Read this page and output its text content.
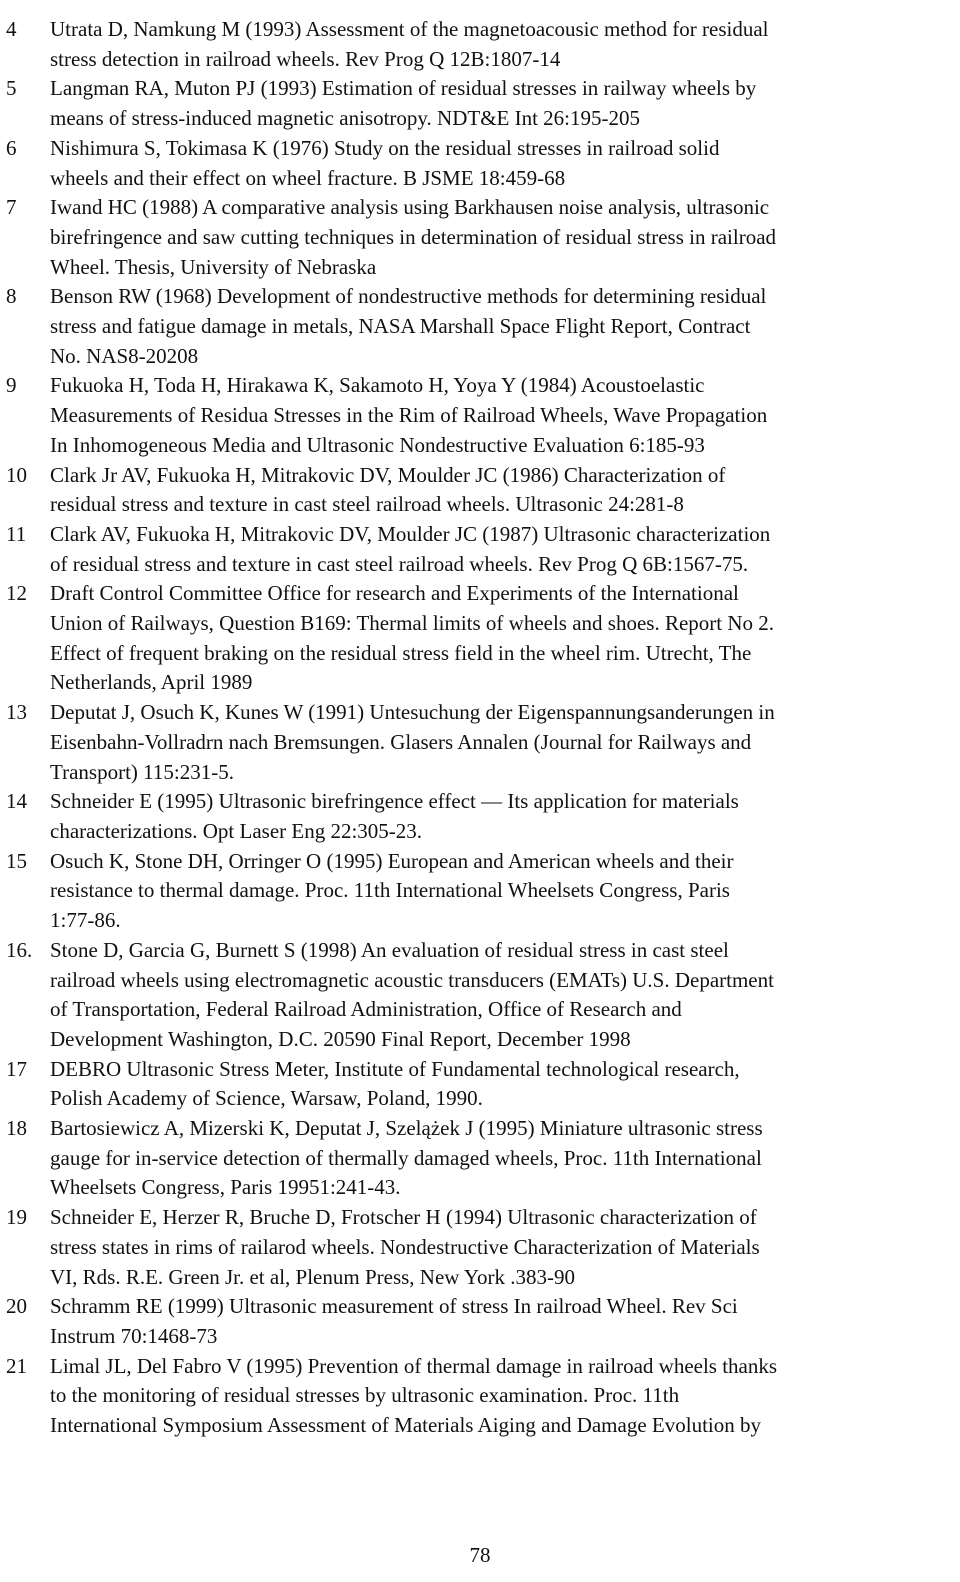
4	Utrata D, Namkung M (1993) Assessment of the magnetoacousic method for residual
stress detection in railroad wheels. Rev Prog Q 12B:1807-14
5	Langman RA, Muton PJ (1993) Estimation of residual stresses in railway wheels by
means of stress-induced magnetic anisotropy. NDT&E Int 26:195-205
6	Nishimura S, Tokimasa K (1976) Study on the residual stresses in railroad solid
wheels and their effect on wheel fracture. B JSME 18:459-68
7	Iwand HC (1988) A comparative analysis using Barkhausen noise analysis, ultrasonic
birefringence and saw cutting techniques in determination of residual stress in railroad
Wheel. Thesis, University of Nebraska
8	Benson RW (1968) Development of nondestructive methods for determining residual
stress and fatigue damage in metals, NASA Marshall Space Flight Report, Contract
No. NAS8-20208
9	Fukuoka H, Toda H, Hirakawa K, Sakamoto H, Yoya Y (1984) Acoustoelastic
Measurements of Residua Stresses in the Rim of Railroad Wheels, Wave Propagation
In Inhomogeneous Media and Ultrasonic Nondestructive Evaluation 6:185-93
10	Clark Jr AV, Fukuoka H, Mitrakovic DV, Moulder JC (1986) Characterization of
residual stress and texture in cast steel railroad wheels. Ultrasonic 24:281-8
11	Clark AV, Fukuoka H, Mitrakovic DV, Moulder JC (1987) Ultrasonic characterization
of residual stress and texture in cast steel railroad wheels. Rev Prog Q 6B:1567-75.
12	Draft Control Committee Office for research and Experiments of the International
Union of Railways, Question B169: Thermal limits of wheels and shoes. Report No 2.
Effect of frequent braking on the residual stress field in the wheel rim. Utrecht, The
Netherlands, April 1989
13	Deputat J, Osuch K, Kunes W (1991) Untesuchung der Eigenspannungsanderungen in
Eisenbahn-Vollradrn nach Bremsungen. Glasers Annalen (Journal for Railways and
Transport) 115:231-5.
14	Schneider E (1995) Ultrasonic birefringence effect — Its application for materials
characterizations. Opt Laser Eng 22:305-23.
15	Osuch K, Stone DH, Orringer O (1995) European and American wheels and their
resistance to thermal damage. Proc. 11th International Wheelsets Congress, Paris
1:77-86.
16. Stone D, Garcia G, Burnett S (1998) An evaluation of residual stress in cast steel
railroad wheels using electromagnetic acoustic transducers (EMATs) U.S. Department
of Transportation, Federal Railroad Administration, Office of Research and
Development Washington, D.C. 20590 Final Report, December 1998
17	DEBRO Ultrasonic Stress Meter, Institute of Fundamental technological research,
Polish Academy of Science, Warsaw, Poland, 1990.
18	Bartosiewicz A, Mizerski K, Deputat J, Szelążek J (1995) Miniature ultrasonic stress
gauge for in-service detection of thermally damaged wheels, Proc. 11th International
Wheelsets Congress, Paris 19951:241-43.
19	Schneider E, Herzer R, Bruche D, Frotscher H (1994) Ultrasonic characterization of
stress states in rims of railarod wheels. Nondestructive Characterization of Materials
VI, Rds. R.E. Green Jr. et al, Plenum Press, New York .383-90
20	Schramm RE (1999) Ultrasonic measurement of stress In railroad Wheel. Rev Sci
Instrum 70:1468-73
21	Limal JL, Del Fabro V (1995) Prevention of thermal damage in railroad wheels thanks
to the monitoring of residual stresses by ultrasonic examination. Proc. 11th
International Symposium Assessment of Materials Aiging and Damage Evolution by
78
